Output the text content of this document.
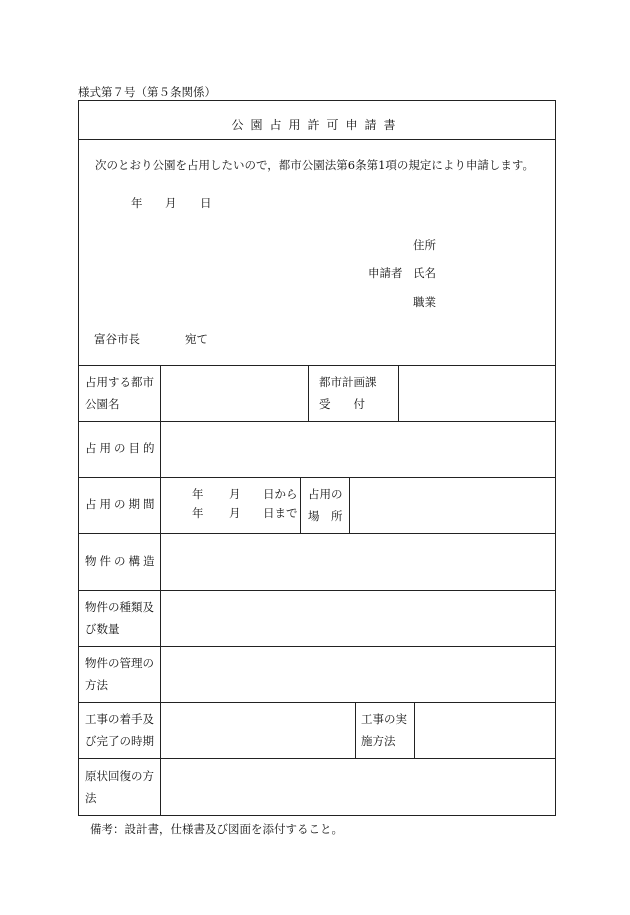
様式第７号（第５条関係）
公園占用許可申請書
次のとおり公園を占用したいので，都市公園法第6条第1項の規定により申請します。
年 月 日
住所
申請者 氏名
職業
富谷市長	宛て
占用する都市
公園名
都市計画課
受　　付
占用の目的
占用の期間
年 月 日から
年 月 日まで
占用の
場　所
物件の構造
物件の種類及
び数量
物件の管理の
方法
工事の着手及
び完了の時期
工事の実
施方法
原状回復の方
法
備考：設計書，仕様書及び図面を添付すること。
